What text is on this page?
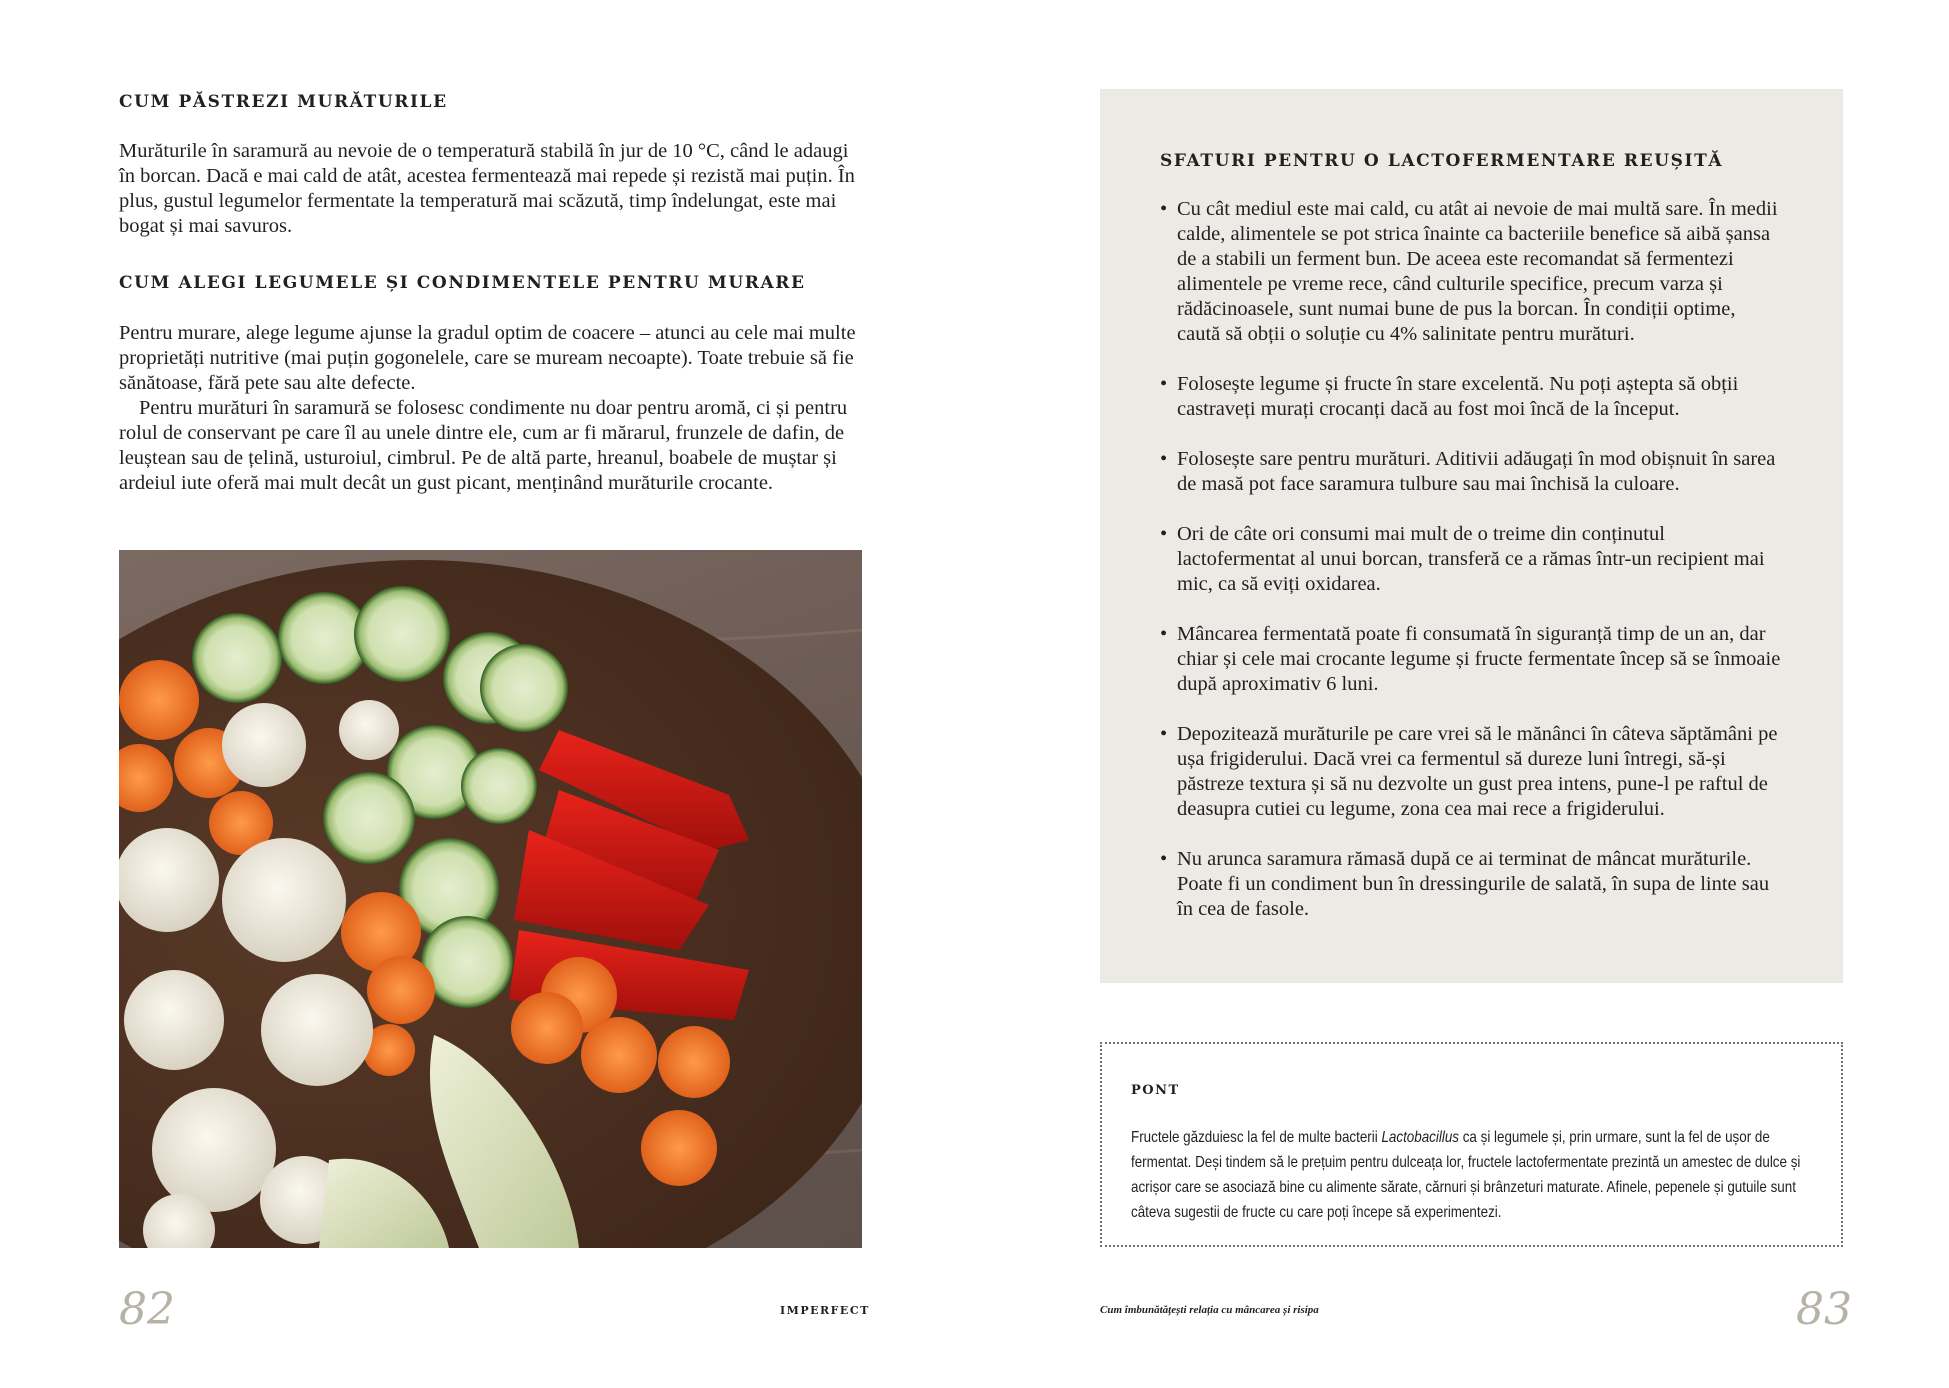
CUM PĂSTREZI MURĂTURILE

Murăturile în saramură au nevoie de o temperatură stabilă în jur de 10 °C, când le adaugi în borcan. Dacă e mai cald de atât, acestea fermentează mai repede și rezistă mai puțin. În plus, gustul legumelor fermentate la temperatură mai scăzută, timp îndelungat, este mai bogat și mai savuros.

CUM ALEGI LEGUMELE ȘI CONDIMENTELE PENTRU MURARE

Pentru murare, alege legume ajunse la gradul optim de coacere – atunci au cele mai multe proprietăți nutritive (mai puțin gogonelele, care se muream necoapte). Toate trebuie să fie sănătoase, fără pete sau alte defecte.

Pentru murături în saramură se folosesc condimente nu doar pentru aromă, ci și pentru rolul de conservant pe care îl au unele dintre ele, cum ar fi mărarul, frunzele de dafin, de leuștean sau de țelină, usturoiul, cimbrul. Pe de altă parte, hreanul, boabele de muștar și ardeiul iute oferă mai mult decât un gust picant, menținând murăturile crocante.

82	IMPERFECT

SFATURI PENTRU O LACTOFERMENTARE REUȘITĂ
• Cu cât mediul este mai cald, cu atât ai nevoie de mai multă sare. În medii calde, alimentele se pot strica înainte ca bacteriile benefice să aibă șansa de a stabili un ferment bun. De aceea este recomandat să fermentezi alimentele pe vreme rece, când culturile specifice, precum varza și rădăcinoasele, sunt numai bune de pus la borcan. În condiții optime, caută să obții o soluție cu 4% salinitate pentru murături.
• Folosește legume și fructe în stare excelentă. Nu poți aștepta să obții castraveți murați crocanți dacă au fost moi încă de la început.
• Folosește sare pentru murături. Aditivii adăugați în mod obișnuit în sarea de masă pot face saramura tulbure sau mai închisă la culoare.
• Ori de câte ori consumi mai mult de o treime din conținutul lactofermentat al unui borcan, transferă ce a rămas într-un recipient mai mic, ca să eviți oxidarea.
• Mâncarea fermentată poate fi consumată în siguranță timp de un an, dar chiar și cele mai crocante legume și fructe fermentate încep să se înmoaie după aproximativ 6 luni.
• Depozitează murăturile pe care vrei să le mănânci în câteva săptămâni pe ușa frigiderului. Dacă vrei ca fermentul să dureze luni întregi, să-și păstreze textura și să nu dezvolte un gust prea intens, pune-l pe raftul de deasupra cutiei cu legume, zona cea mai rece a frigiderului.
• Nu arunca saramura rămasă după ce ai terminat de mâncat murăturile. Poate fi un condiment bun în dressingurile de salată, în supa de linte sau în cea de fasole.
PONT

Fructele găzduiesc la fel de multe bacterii Lactobacillus ca și legumele și, prin urmare, sunt la fel de ușor de fermentat. Deși tindem să le prețuim pentru dulceața lor, fructele lactofermentate prezintă un amestec de dulce și acrișor care se asociază bine cu alimente sărate, cărnuri și brânzeturi maturate. Afinele, pepenele și gutuile sunt câteva sugestii de fructe cu care poți începe să experimentezi.

Cum îmbunătățești relația cu mâncarea și risipa	83
